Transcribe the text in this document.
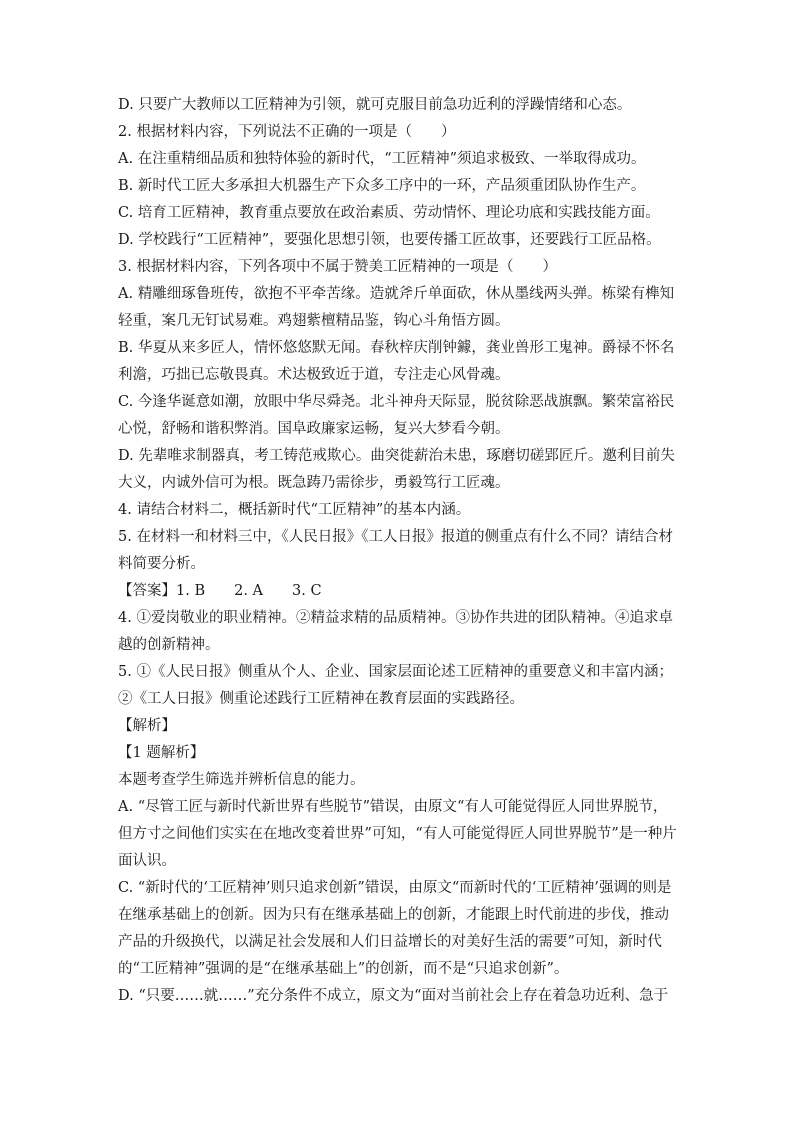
D. 只要广大教师以工匠精神为引领，就可克服目前急功近利的浮躁情绪和心态。

2. 根据材料内容，下列说法不正确的一项是（　　）

A. 在注重精细品质和独特体验的新时代，“工匠精神”须追求极致、一举取得成功。

B. 新时代工匠大多承担大机器生产下众多工序中的一环，产品须重团队协作生产。

C. 培育工匠精神，教育重点要放在政治素质、劳动情怀、理论功底和实践技能方面。

D. 学校践行“工匠精神”，要强化思想引领，也要传播工匠故事，还要践行工匠品格。

3. 根据材料内容，下列各项中不属于赞美工匠精神的一项是（　　）

A. 精雕细琢鲁班传，欲抱不平牵苦缘。造就斧斤单面砍，休从墨线两头弹。栋梁有榫知轻重，案几无钉试易难。鸡翅紫檀精品鉴，钩心斗角悟方圆。

B. 华夏从来多匠人，情怀悠悠默无闻。春秋梓庆削钟鐻，龚业兽形工鬼神。爵禄不怀名利澹，巧拙已忘敬畏真。术达极致近于道，专注走心风骨魂。

C. 今逢华诞意如潮，放眼中华尽舜尧。北斗神舟天际显，脱贫除恶战旗飘。繁荣富裕民心悦，舒畅和谐积弊消。国阜政廉家运畅，复兴大梦看今朝。

D. 先辈唯求制器真，考工铸范戒欺心。曲突徙薪治未患，琢磨切磋郢匠斤。邀利目前失大义，内诚外信可为根。既急踌乃需徐步，勇毅笃行工匠魂。

4. 请结合材料二，概括新时代“工匠精神”的基本内涵。

5. 在材料一和材料三中，《人民日报》《工人日报》报道的侧重点有什么不同？请结合材料简要分析。

【答案】1. B　　2. A　　3. C

4. ①爱岗敬业的职业精神。②精益求精的品质精神。③协作共进的团队精神。④追求卓越的创新精神。

5. ①《人民日报》侧重从个人、企业、国家层面论述工匠精神的重要意义和丰富内涵；

②《工人日报》侧重论述践行工匠精神在教育层面的实践路径。

【解析】

【1 题解析】

本题考查学生筛选并辨析信息的能力。

A. “尽管工匠与新时代新世界有些脱节”错误，由原文“有人可能觉得匠人同世界脱节，但方寸之间他们实实在在地改变着世界”可知，“有人可能觉得匠人同世界脱节”是一种片面认识。

C. “新时代的‘工匠精神’则只追求创新”错误，由原文“而新时代的‘工匠精神’强调的则是在继承基础上的创新。因为只有在继承基础上的创新，才能跟上时代前进的步伐，推动产品的升级换代，以满足社会发展和人们日益增长的对美好生活的需要”可知，新时代的“工匠精神”强调的是“在继承基础上”的创新，而不是“只追求创新”。

D. “只要……就……”充分条件不成立，原文为“面对当前社会上存在着急功近利、急于
